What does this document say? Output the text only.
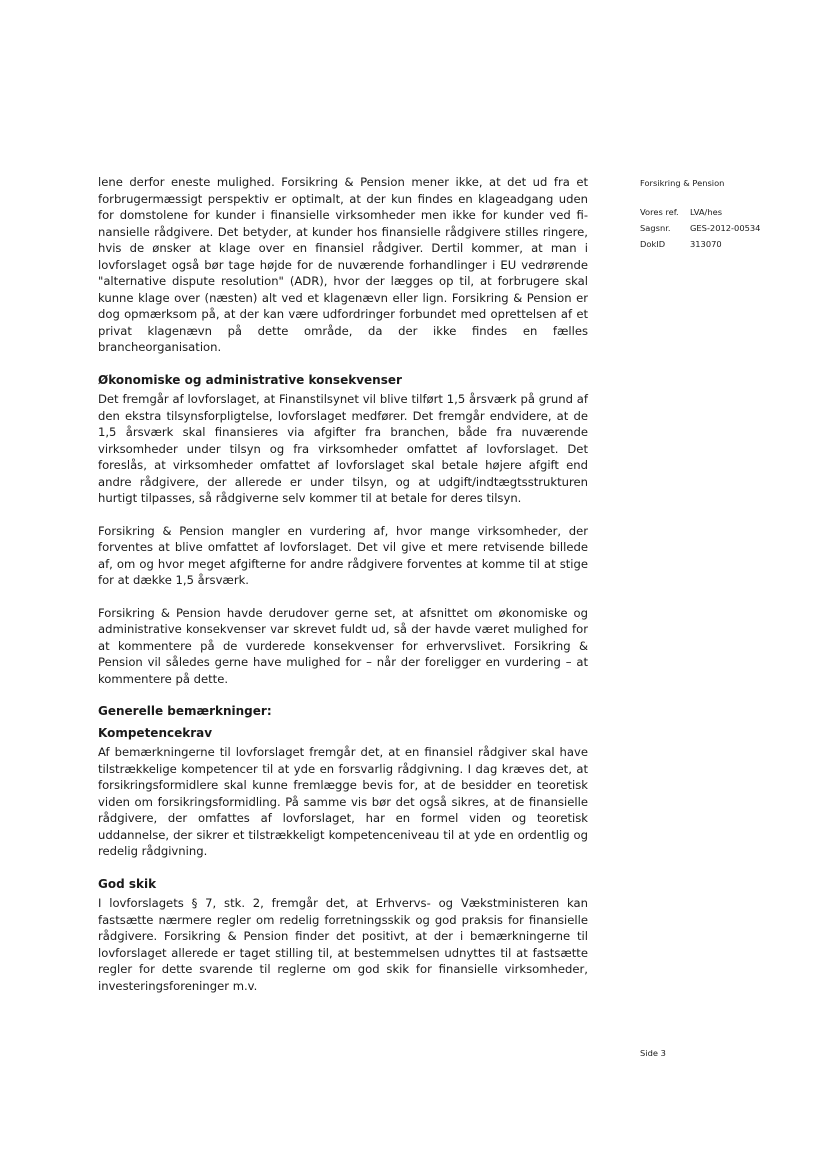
lene derfor eneste mulighed. Forsikring & Pension mener ikke, at det ud fra et forbrugermæssigt perspektiv er optimalt, at der kun findes en klageadgang uden for domstolene for kunder i finansielle virksomheder men ikke for kunder ved finansielle rådgivere. Det betyder, at kunder hos finansielle rådgivere stilles ringere, hvis de ønsker at klage over en finansiel rådgiver. Dertil kommer, at man i lovforslaget også bør tage højde for de nuværende forhandlinger i EU vedrørende "alternative dispute resolution" (ADR), hvor der lægges op til, at forbrugere skal kunne klage over (næsten) alt ved et klagenævn eller lign. Forsikring & Pension er dog opmærksom på, at der kan være udfordringer forbundet med oprettelsen af et privat klagenævn på dette område, da der ikke findes en fælles brancheorganisation.

Økonomiske og administrative konsekvenser

Det fremgår af lovforslaget, at Finanstilsynet vil blive tilført 1,5 årsværk på grund af den ekstra tilsynsforpligtelse, lovforslaget medfører. Det fremgår endvidere, at de 1,5 årsværk skal finansieres via afgifter fra branchen, både fra nuværende virksomheder under tilsyn og fra virksomheder omfattet af lovforslaget. Det foreslås, at virksomheder omfattet af lovforslaget skal betale højere afgift end andre rådgivere, der allerede er under tilsyn, og at udgift/indtægtsstrukturen hurtigt tilpasses, så rådgiverne selv kommer til at betale for deres tilsyn.

Forsikring & Pension mangler en vurdering af, hvor mange virksomheder, der forventes at blive omfattet af lovforslaget. Det vil give et mere retvisende billede af, om og hvor meget afgifterne for andre rådgivere forventes at komme til at stige for at dække 1,5 årsværk.

Forsikring & Pension havde derudover gerne set, at afsnittet om økonomiske og administrative konsekvenser var skrevet fuldt ud, så der havde været mulighed for at kommentere på de vurderede konsekvenser for erhvervslivet. Forsikring & Pension vil således gerne have mulighed for – når der foreligger en vurdering – at kommentere på dette.

Generelle bemærkninger:
Kompetencekrav

Af bemærkningerne til lovforslaget fremgår det, at en finansiel rådgiver skal have tilstrækkelige kompetencer til at yde en forsvarlig rådgivning. I dag kræves det, at forsikringsformidlere skal kunne fremlægge bevis for, at de besidder en teoretisk viden om forsikringsformidling. På samme vis bør det også sikres, at de finansielle rådgivere, der omfattes af lovforslaget, har en formel viden og teoretisk uddannelse, der sikrer et tilstrækkeligt kompetenceniveau til at yde en ordentlig og redelig rådgivning.

God skik

I lovforslagets § 7, stk. 2, fremgår det, at Erhvervs- og Vækstministeren kan fastsætte nærmere regler om redelig forretningsskik og god praksis for finansielle rådgivere. Forsikring & Pension finder det positivt, at der i bemærkningerne til lovforslaget allerede er taget stilling til, at bestemmelsen udnyttes til at fastsætte regler for dette svarende til reglerne om god skik for finansielle virksomheder, investeringsforeninger m.v.

Forsikring & Pension
Vores ref.	LVA/hes
Sagsnr.	GES-2012-00534
DokID	313070
Side 3
